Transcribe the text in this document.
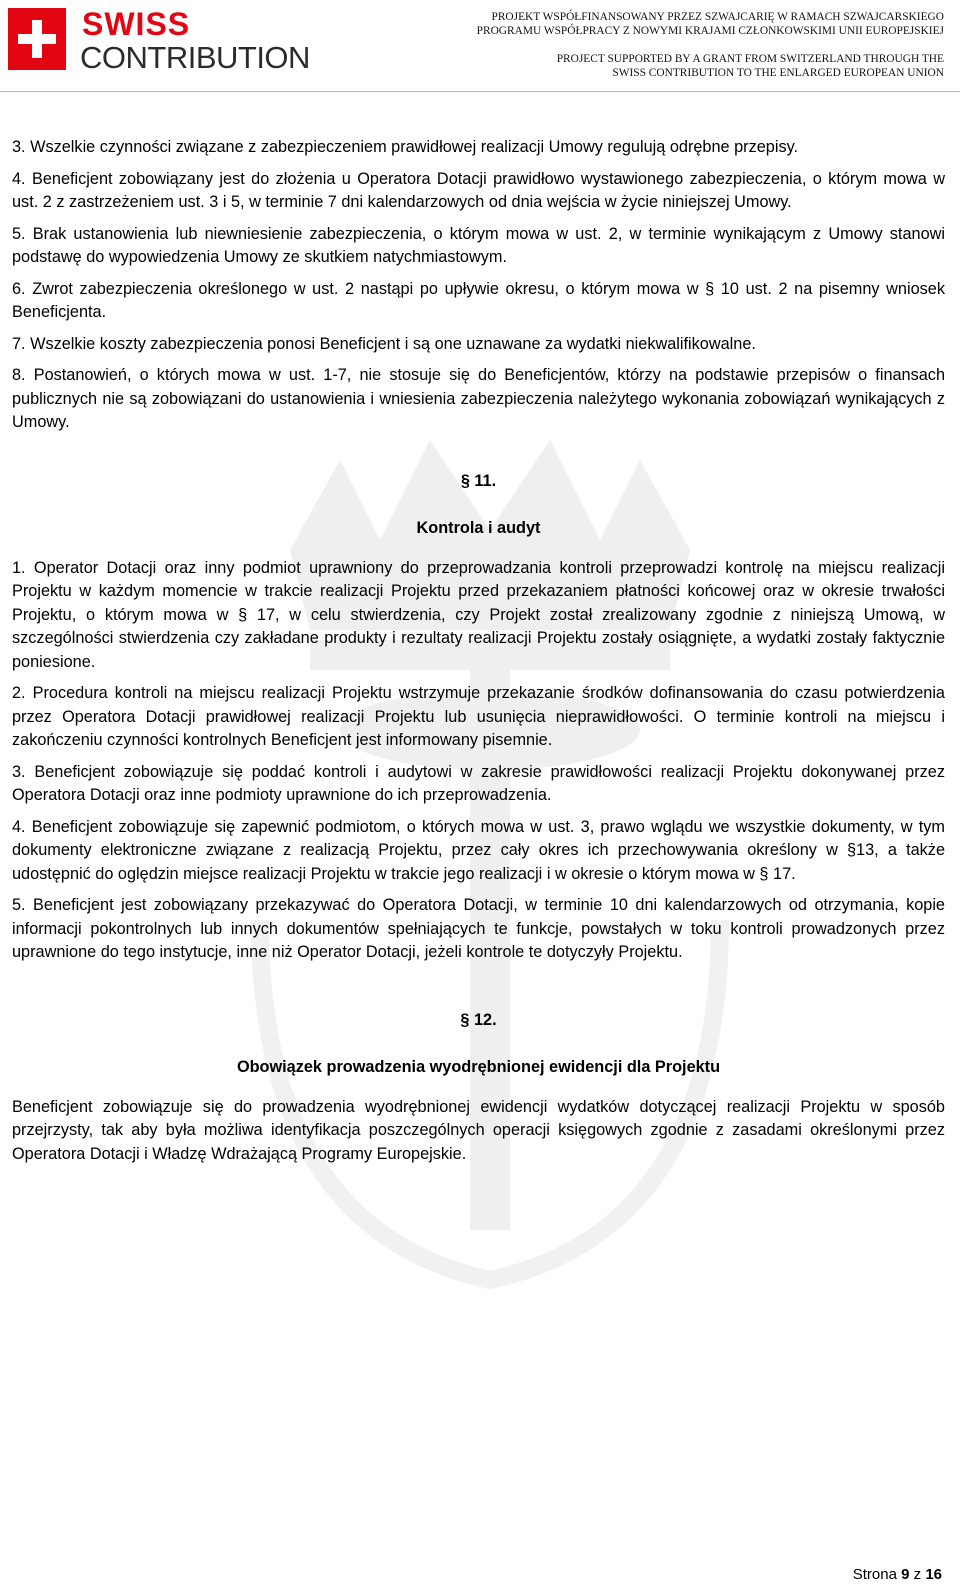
SWISS
CONTRIBUTION
PROJEKT WSPÓŁFINANSOWANY PRZEZ SZWAJCARIĘ W RAMACH SZWAJCARSKIEGO
PROGRAMU WSPÓŁPRACY Z NOWYMI KRAJAMI CZŁONKOWSKIMI UNII EUROPEJSKIEJ
PROJECT SUPPORTED BY A GRANT FROM SWITZERLAND THROUGH THE
SWISS CONTRIBUTION TO THE ENLARGED EUROPEAN UNION

3. Wszelkie czynności związane z zabezpieczeniem prawidłowej realizacji Umowy regulują odrębne przepisy.

4. Beneficjent zobowiązany jest do złożenia u Operatora Dotacji prawidłowo wystawionego zabezpieczenia, o którym mowa w ust. 2 z zastrzeżeniem ust. 3 i 5, w terminie 7 dni kalendarzowych od dnia wejścia w życie niniejszej Umowy.

5. Brak ustanowienia lub niewniesienie zabezpieczenia, o którym mowa w ust. 2, w terminie wynikającym z Umowy stanowi podstawę do wypowiedzenia Umowy ze skutkiem natychmiastowym.

6. Zwrot zabezpieczenia określonego w ust. 2 nastąpi po upływie okresu, o którym mowa w § 10 ust. 2 na pisemny wniosek Beneficjenta.

7. Wszelkie koszty zabezpieczenia ponosi Beneficjent i są one uznawane za wydatki niekwalifikowalne.

8. Postanowień, o których mowa w ust. 1-7, nie stosuje się do Beneficjentów, którzy na podstawie przepisów o finansach publicznych nie są zobowiązani do ustanowienia i wniesienia zabezpieczenia należytego wykonania zobowiązań wynikających z Umowy.

§ 11.
Kontrola i audyt

1. Operator Dotacji oraz inny podmiot uprawniony do przeprowadzania kontroli przeprowadzi kontrolę na miejscu realizacji Projektu w każdym momencie w trakcie realizacji Projektu przed przekazaniem płatności końcowej oraz w okresie trwałości Projektu, o którym mowa w § 17, w celu stwierdzenia, czy Projekt został zrealizowany zgodnie z niniejszą Umową, w szczególności stwierdzenia czy zakładane produkty i rezultaty realizacji Projektu zostały osiągnięte, a wydatki zostały faktycznie poniesione.

2. Procedura kontroli na miejscu realizacji Projektu wstrzymuje przekazanie środków dofinansowania do czasu potwierdzenia przez Operatora Dotacji prawidłowej realizacji Projektu lub usunięcia nieprawidłowości. O terminie kontroli na miejscu i zakończeniu czynności kontrolnych Beneficjent jest informowany pisemnie.

3. Beneficjent zobowiązuje się poddać kontroli i audytowi w zakresie prawidłowości realizacji Projektu dokonywanej przez Operatora Dotacji oraz inne podmioty uprawnione do ich przeprowadzenia.

4. Beneficjent zobowiązuje się zapewnić podmiotom, o których mowa w ust. 3, prawo wglądu we wszystkie dokumenty, w tym dokumenty elektroniczne związane z realizacją Projektu, przez cały okres ich przechowywania określony w §13, a także udostępnić do oględzin miejsce realizacji Projektu w trakcie jego realizacji i w okresie o którym mowa w § 17.

5. Beneficjent jest zobowiązany przekazywać do Operatora Dotacji, w terminie 10 dni kalendarzowych od otrzymania, kopie informacji pokontrolnych lub innych dokumentów spełniających te funkcje, powstałych w toku kontroli prowadzonych przez uprawnione do tego instytucje, inne niż Operator Dotacji, jeżeli kontrole te dotyczyły Projektu.

§ 12.
Obowiązek prowadzenia wyodrębnionej ewidencji dla Projektu

Beneficjent zobowiązuje się do prowadzenia wyodrębnionej ewidencji wydatków dotyczącej realizacji Projektu w sposób przejrzysty, tak aby była możliwa identyfikacja poszczególnych operacji księgowych zgodnie z zasadami określonymi przez Operatora Dotacji i Władzę Wdrażającą Programy Europejskie.

Strona 9 z 16
